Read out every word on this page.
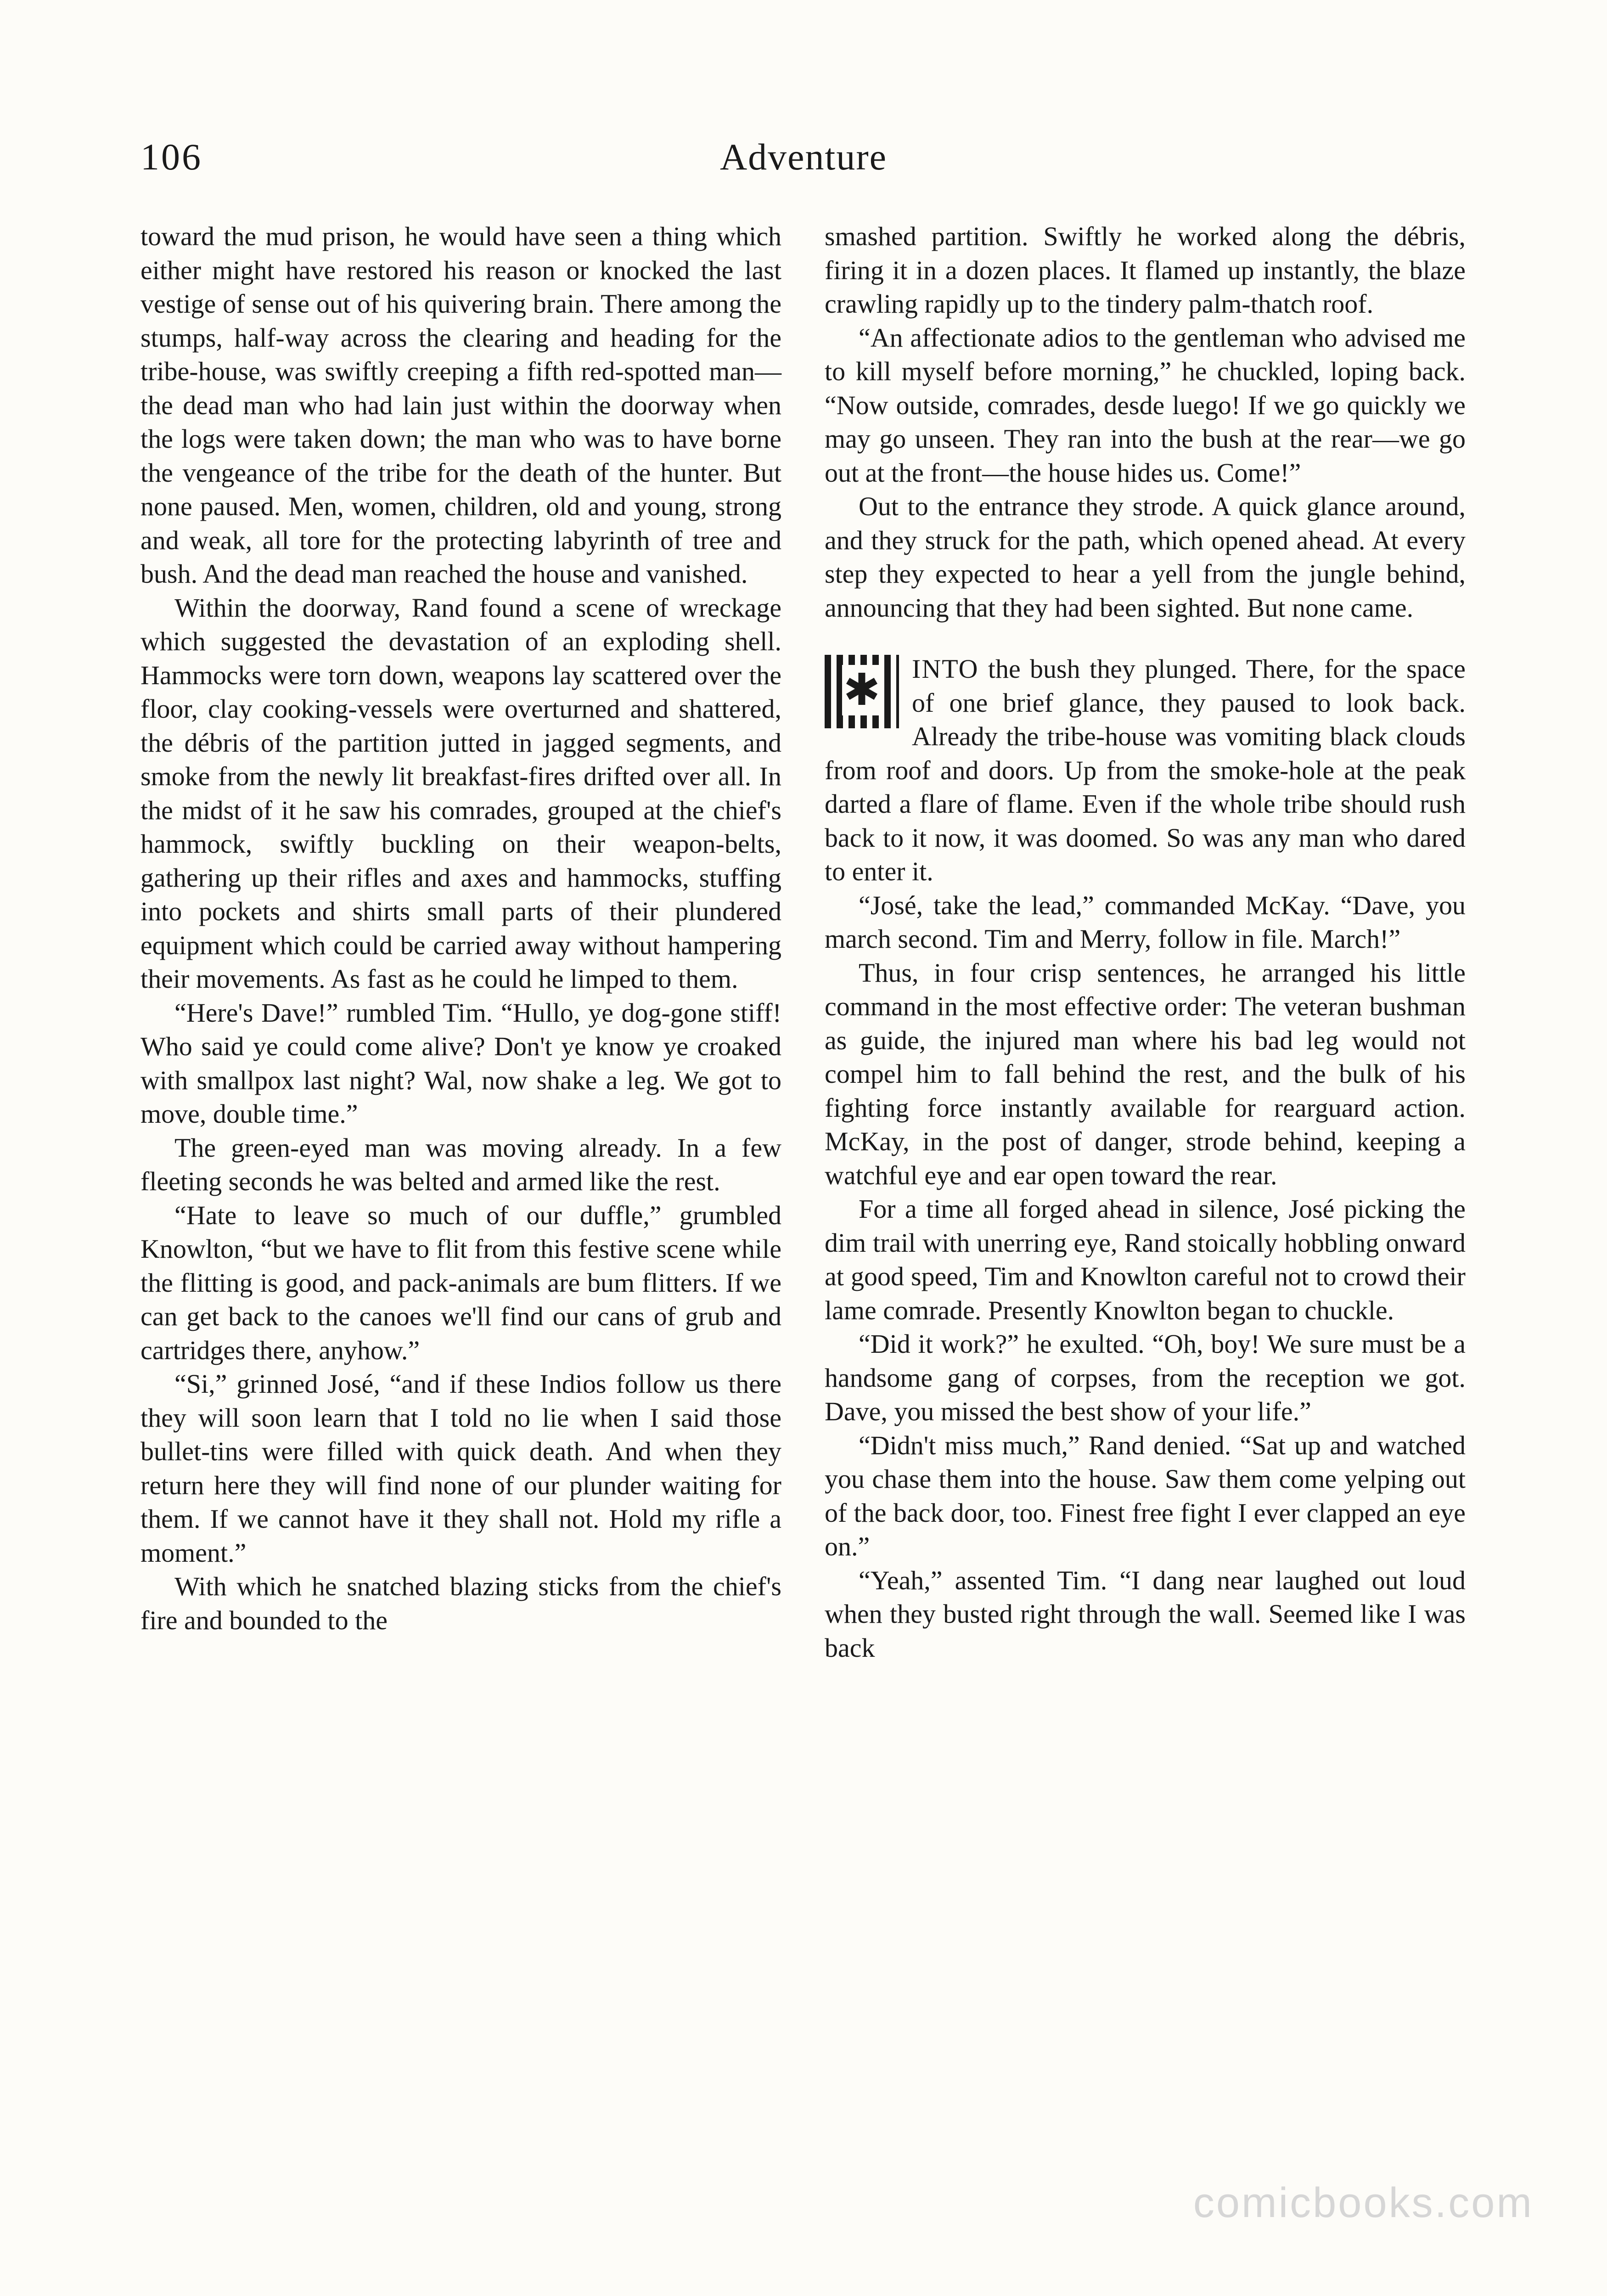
106	Adventure

toward the mud prison, he would have seen a thing which either might have restored his reason or knocked the last vestige of sense out of his quivering brain. There among the stumps, half-way across the clearing and heading for the tribe-house, was swiftly creeping a fifth red-spotted man—the dead man who had lain just within the doorway when the logs were taken down; the man who was to have borne the vengeance of the tribe for the death of the hunter. But none paused. Men, women, children, old and young, strong and weak, all tore for the protecting labyrinth of tree and bush. And the dead man reached the house and vanished.

Within the doorway, Rand found a scene of wreckage which suggested the devastation of an exploding shell. Hammocks were torn down, weapons lay scattered over the floor, clay cooking-vessels were overturned and shattered, the débris of the partition jutted in jagged segments, and smoke from the newly lit breakfast-fires drifted over all. In the midst of it he saw his comrades, grouped at the chief's hammock, swiftly buckling on their weapon-belts, gathering up their rifles and axes and hammocks, stuffing into pockets and shirts small parts of their plundered equipment which could be carried away without hampering their movements. As fast as he could he limped to them.

“Here's Dave!” rumbled Tim. “Hullo, ye dog-gone stiff! Who said ye could come alive? Don't ye know ye croaked with smallpox last night? Wal, now shake a leg. We got to move, double time.”

The green-eyed man was moving already. In a few fleeting seconds he was belted and armed like the rest.

“Hate to leave so much of our duffle,” grumbled Knowlton, “but we have to flit from this festive scene while the flitting is good, and pack-animals are bum flitters. If we can get back to the canoes we'll find our cans of grub and cartridges there, anyhow.”

“Si,” grinned José, “and if these Indios follow us there they will soon learn that I told no lie when I said those bullet-tins were filled with quick death. And when they return here they will find none of our plunder waiting for them. If we cannot have it they shall not. Hold my rifle a moment.”

With which he snatched blazing sticks from the chief's fire and bounded to the

smashed partition. Swiftly he worked along the débris, firing it in a dozen places. It flamed up instantly, the blaze crawling rapidly up to the tindery palm-thatch roof.

“An affectionate adios to the gentleman who advised me to kill myself before morning,” he chuckled, loping back. “Now outside, comrades, desde luego! If we go quickly we may go unseen. They ran into the bush at the rear—we go out at the front—the house hides us. Come!”

Out to the entrance they strode. A quick glance around, and they struck for the path, which opened ahead. At every step they expected to hear a yell from the jungle behind, announcing that they had been sighted. But none came.

✱
INTO the bush they plunged. There, for the space of one brief glance, they paused to look back. Already the tribe-house was vomiting black clouds from roof and doors. Up from the smoke-hole at the peak darted a flare of flame. Even if the whole tribe should rush back to it now, it was doomed. So was any man who dared to enter it.

“José, take the lead,” commanded McKay. “Dave, you march second. Tim and Merry, follow in file. March!”

Thus, in four crisp sentences, he arranged his little command in the most effective order: The veteran bushman as guide, the injured man where his bad leg would not compel him to fall behind the rest, and the bulk of his fighting force instantly available for rearguard action. McKay, in the post of danger, strode behind, keeping a watchful eye and ear open toward the rear.

For a time all forged ahead in silence, José picking the dim trail with unerring eye, Rand stoically hobbling onward at good speed, Tim and Knowlton careful not to crowd their lame comrade. Presently Knowlton began to chuckle.

“Did it work?” he exulted. “Oh, boy! We sure must be a handsome gang of corpses, from the reception we got. Dave, you missed the best show of your life.”

“Didn't miss much,” Rand denied. “Sat up and watched you chase them into the house. Saw them come yelping out of the back door, too. Finest free fight I ever clapped an eye on.”

“Yeah,” assented Tim. “I dang near laughed out loud when they busted right through the wall. Seemed like I was back

comicbooks.com
